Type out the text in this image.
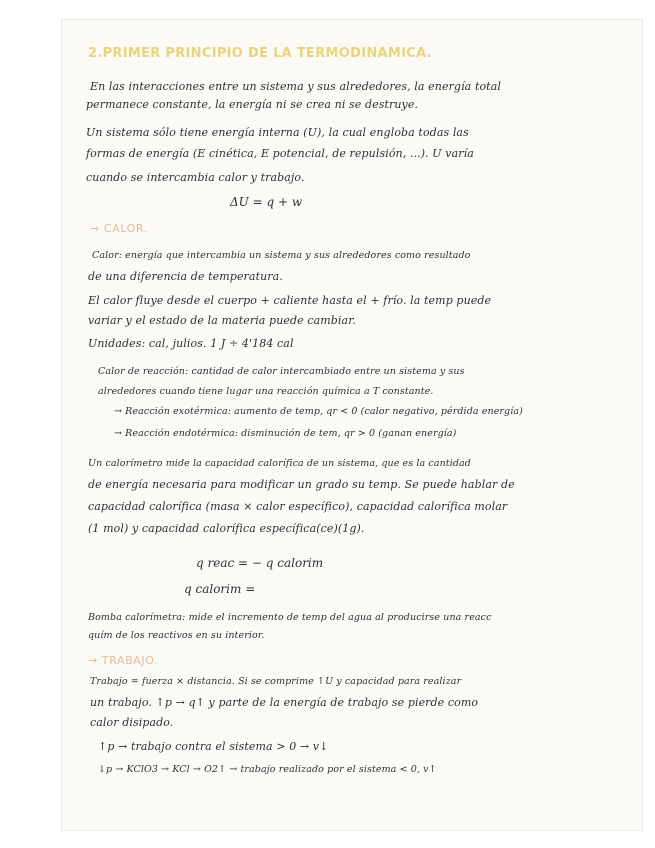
2.PRIMER PRINCIPIO DE LA TERMODINAMICA.
En las interacciones entre un sistema y sus alrededores, la energía total
permanece constante, la energía ni se crea ni se destruye.
Un sistema sólo tiene energía interna (U), la cual engloba todas las
formas de energía (E cinética, E potencial, de repulsión, ...). U varía
cuando se intercambia calor y trabajo.
ΔU = q + w
→ CALOR.
Calor: energía que intercambia un sistema y sus alrededores como resultado
de una diferencia de temperatura.
El calor fluye desde el cuerpo + caliente hasta el + frío. la temp puede
variar y el estado de la materia puede cambiar.
Unidades: cal, julios. 1 J ÷ 4'184 cal
Calor de reacción: cantidad de calor intercambiado entre un sistema y sus
alrededores cuando tiene lugar una reacción química a T constante.
→ Reacción exotérmica: aumento de temp, qr < 0 (calor negativo, pérdida energía)
→ Reacción endotérmica: disminución de tem, qr > 0 (ganan energía)
Un calorímetro mide la capacidad calorífica de un sistema, que es la cantidad
de energía necesaria para modificar un grado su temp. Se puede hablar de
capacidad calorífica (masa × calor específico), capacidad calorífica molar
(1 mol) y capacidad calorífica específica(ce)(1g).
q reac = − q calorim
q calorim =
Bomba calorímetra: mide el incremento de temp del agua al producirse una reacc
quím de los reactivos en su interior.
→ TRABAJO.
Trabajo = fuerza × distancia. Si se comprime ↑U y capacidad para realizar
un trabajo. ↑p → q↑ y parte de la energía de trabajo se pierde como
calor disipado.
↑p → trabajo contra el sistema > 0 → v↓
↓p → KClO3 → KCl → O2↑ → trabajo realizado por el sistema < 0, v↑
